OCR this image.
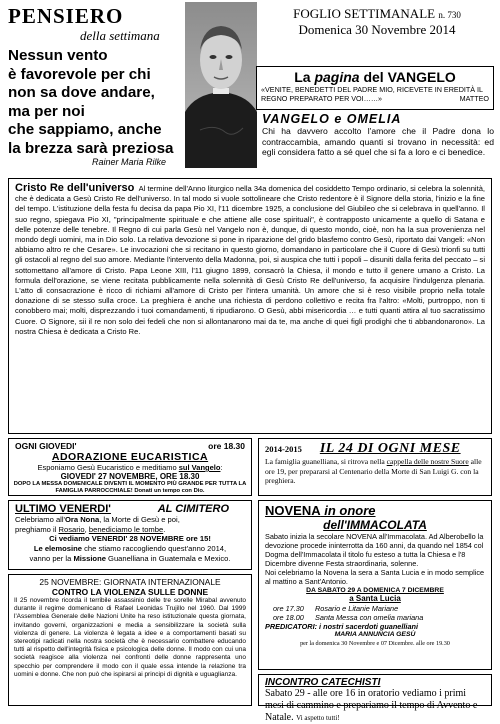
PENSIERO
della settimana
Nessun vento
è favorevole per chi
non sa dove andare,
ma per noi
che sappiamo, anche
la brezza sarà preziosa
Rainer Maria Rilke
FOGLIO SETTIMANALE n. 730
Domenica 30 Novembre 2014
La pagina del VANGELO
«VENITE, BENEDETTI DEL PADRE MIO, RICEVETE IN EREDITÀ IL REGNO PREPARATO PER VOI……»	MATTEO
VANGELO e OMELIA
Chi ha davvero accolto l'amore che il Padre dona lo contraccambia, amando quanti si trovano in necessità: ed egli considera fatto a sé quel che si fa a loro e ci benedice.

Cristo Re dell'universo Al termine dell'Anno liturgico nella 34a domenica del cosiddetto Tempo ordinario, si celebra la solennità, che è dedicata a Gesù Cristo Re dell'universo. In tal modo si vuole sottolineare che Cristo redentore è il Signore della storia, l'inizio e la fine del tempo. L'istituzione della festa fu decisa da papa Pio XI, l'11 dicembre 1925, a conclusione del Giubileo che si celebrava in quell'anno. Il suo regno, spiegava Pio XI, "principalmente spirituale e che attiene alle cose spirituali", è contrapposto unicamente a quello di Satana e delle potenze delle tenebre. Il Regno di cui parla Gesù nel Vangelo non è, dunque, di questo mondo, cioè, non ha la sua provenienza nel mondo degli uomini, ma in Dio solo. La relativa devozione si pone in riparazione del grido blasfemo contro Gesù, riportato dai Vangeli: «Non abbiamo altro re che Cesare». Le invocazioni che si recitano in questo giorno, domandano in particolare che il Cuore di Gesù trionfi su tutti gli ostacoli al regno del suo amore. Mediante l'intervento della Madonna, poi, si auspica che tutti i popoli – disuniti dalla ferita del peccato – si sottomettano all'amore di Cristo. Papa Leone XIII, l'11 giugno 1899, consacrò la Chiesa, il mondo e tutto il genere umano a Cristo. La formula dell'orazione, se viene recitata pubblicamente nella solennità di Gesù Cristo Re dell'universo, fa acquisire l'indulgenza plenaria. L'atto di consacrazione è ricco di richiami all'amore di Cristo per l'intera umanità. Un amore che si è reso visibile proprio nella totale donazione di se stesso sulla croce. La preghiera è anche una richiesta di perdono collettivo e recita fra l'altro: «Molti, purtroppo, non ti conobbero mai; molti, disprezzando i tuoi comandamenti, ti ripudiarono. O Gesù, abbi misericordia … e tutti quanti attira al tuo sacratissimo Cuore. O Signore, sii il re non solo dei fedeli che non si allontanarono mai da te, ma anche di quei figli prodighi che ti abbandonarono». La nostra Chiesa è dedicata a Cristo Re.

OGNI GIOVEDI'	ore 18.30
ADORAZIONE EUCARISTICA
Esponiamo Gesù Eucaristico e meditiamo sul Vangelo:
GIOVEDI' 27 NOVEMBRE, ORE 18.30
DOPO LA MESSA DOMENICALE DIVENTI IL MOMENTO PIÙ GRANDE PER TUTTA LA FAMIGLIA PARROCCHIALE! Donati un tempo con Dio.
ULTIMO VENERDI'	AL CIMITERO
Celebriamo all'Ora Nona, la Morte di Gesù e poi,
preghiamo il Rosario, benediciamo le tombe.
Ci vediamo VENERDI' 28 NOVEMBRE ore 15!
Le elemosine che stiamo raccogliendo quest'anno 2014,
vanno per la Missione Guanelliana in Guatemala e Mexico.
25 NOVEMBRE: GIORNATA INTERNAZIONALE
CONTRO LA VIOLENZA SULLE DONNE
Il 25 novembre ricorda il terribile assassinio delle tre sorelle Mirabal avvenuto durante il regime domenicano di Rafael Leonidas Trujillo nel 1960. Dal 1999 l'Assemblea Generale delle Nazioni Unite ha reso istituzionale questa giornata, invitando governi, organizzazioni e media a sensibilizzare la società sulla violenza di genere. La violenza è legata a idee e a comportamenti basati su stereotipi radicati nella nostra società che è necessario combattere educando tutti al rispetto dell'integrità fisica e psicologica delle donne. Il modo con cui una società reagisce alla violenza nei confronti delle donne rappresenta uno specchio per comprendere il modo con il quale essa intende la relazione tra uomini e donne. Che non può che ispirarsi ai principi di dignità e uguaglianza.
2014-2015 IL 24 DI OGNI MESE
La famiglia guanelliana, si ritrova nella cappella delle nostre Suore alle ore 19, per prepararsi al Centenario della Morte di San Luigi G. con la preghiera.
NOVENA in onore
dell'IMMACOLATA
Sabato inizia la secolare NOVENA all'Immacolata. Ad Alberobello la devozione procede ininterrotta da 160 anni, da quando nel 1854 col Dogma dell'Immacolata il titolo fu esteso a tutta la Chiesa e l'8 Dicembre divenne Festa straordinaria, solenne.
Noi celebriamo la Novena la sera a Santa Lucia e in modo semplice al mattino a Sant'Antonio.
DA SABATO 29 A DOMENICA 7 DICEMBRE
a Santa Lucia
ore 17.30 Rosario e Litanie Mariane
ore 18.00 Santa Messa con omelia mariana
PREDICATORI: i nostri sacerdoti guanelliani
MARIA ANNUNCIA GESÙ
per la domenica 30 Novembre e 07 Dicembre. alle ore 19.30
INCONTRO CATECHISTI
Sabato 29 - alle ore 16 in oratorio vediamo i primi mesi di cammino e prepariamo il tempo di Avvento e Natale. Vi aspetto tutti!
